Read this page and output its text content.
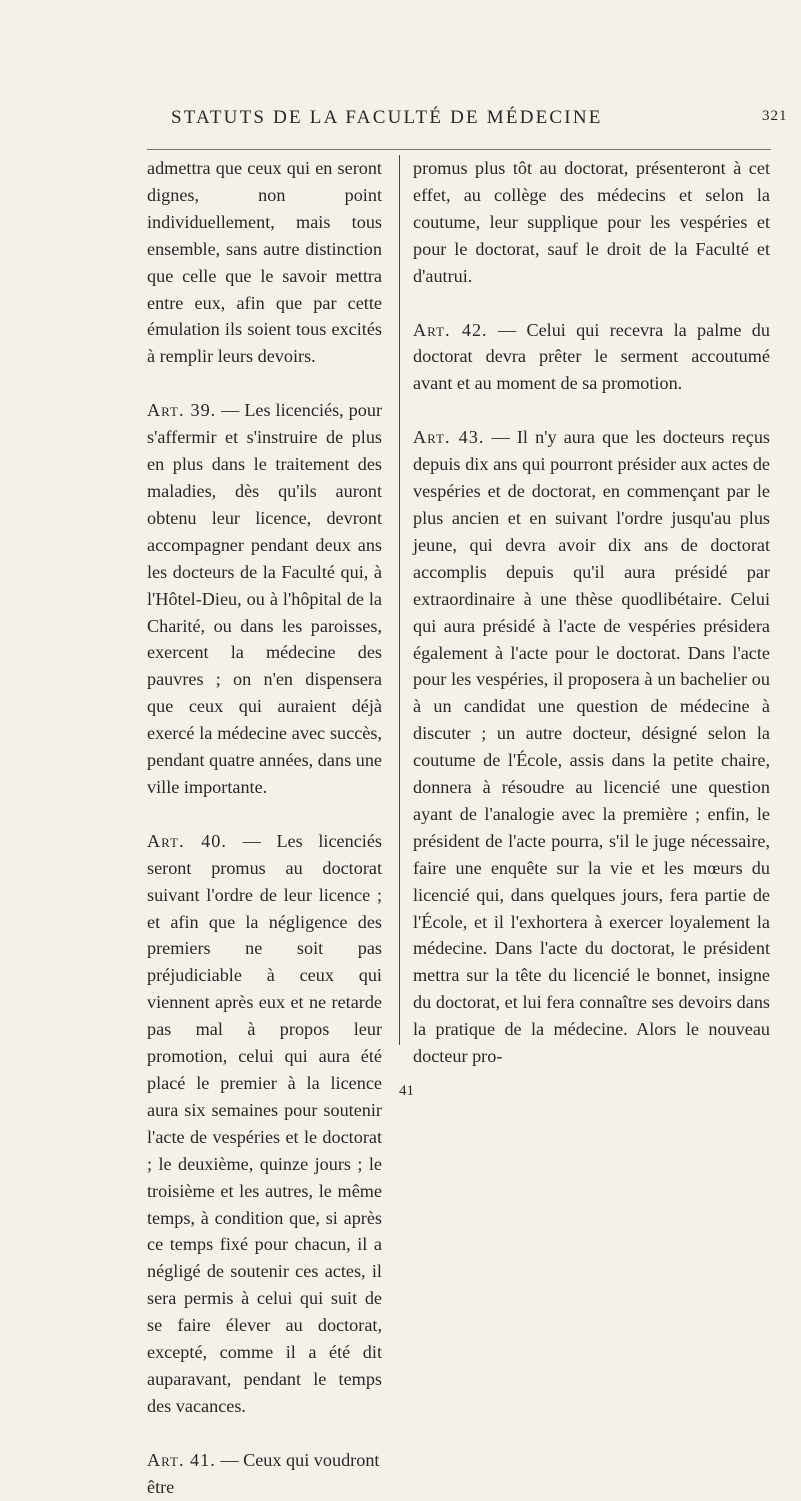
STATUTS DE LA FACULTÉ DE MÉDECINE	321

admettra que ceux qui en seront dignes, non point individuellement, mais tous ensemble, sans autre distinction que celle que le savoir mettra entre eux, afin que par cette émulation ils soient tous excités à remplir leurs devoirs.

Art. 39. — Les licenciés, pour s'affermir et s'instruire de plus en plus dans le traitement des maladies, dès qu'ils auront obtenu leur licence, devront accompagner pendant deux ans les docteurs de la Faculté qui, à l'Hôtel-Dieu, ou à l'hôpital de la Charité, ou dans les paroisses, exercent la médecine des pauvres ; on n'en dispensera que ceux qui auraient déjà exercé la médecine avec succès, pendant quatre années, dans une ville importante.

Art. 40. — Les licenciés seront promus au doctorat suivant l'ordre de leur licence ; et afin que la négligence des premiers ne soit pas préjudiciable à ceux qui viennent après eux et ne retarde pas mal à propos leur promotion, celui qui aura été placé le premier à la licence aura six semaines pour soutenir l'acte de vespéries et le doctorat ; le deuxième, quinze jours ; le troisième et les autres, le même temps, à condition que, si après ce temps fixé pour chacun, il a négligé de soutenir ces actes, il sera permis à celui qui suit de se faire élever au doctorat, excepté, comme il a été dit auparavant, pendant le temps des vacances.

Art. 41. — Ceux qui voudront être

promus plus tôt au doctorat, présenteront à cet effet, au collège des médecins et selon la coutume, leur supplique pour les vespéries et pour le doctorat, sauf le droit de la Faculté et d'autrui.

Art. 42. — Celui qui recevra la palme du doctorat devra prêter le serment accoutumé avant et au moment de sa promotion.

Art. 43. — Il n'y aura que les docteurs reçus depuis dix ans qui pourront présider aux actes de vespéries et de doctorat, en commençant par le plus ancien et en suivant l'ordre jusqu'au plus jeune, qui devra avoir dix ans de doctorat accomplis depuis qu'il aura présidé par extraordinaire à une thèse quodlibétaire. Celui qui aura présidé à l'acte de vespéries présidera également à l'acte pour le doctorat. Dans l'acte pour les vespéries, il proposera à un bachelier ou à un candidat une question de médecine à discuter ; un autre docteur, désigné selon la coutume de l'École, assis dans la petite chaire, donnera à résoudre au licencié une question ayant de l'analogie avec la première ; enfin, le président de l'acte pourra, s'il le juge nécessaire, faire une enquête sur la vie et les mœurs du licencié qui, dans quelques jours, fera partie de l'École, et il l'exhortera à exercer loyalement la médecine. Dans l'acte du doctorat, le président mettra sur la tête du licencié le bonnet, insigne du doctorat, et lui fera connaître ses devoirs dans la pratique de la médecine. Alors le nouveau docteur pro-

41
